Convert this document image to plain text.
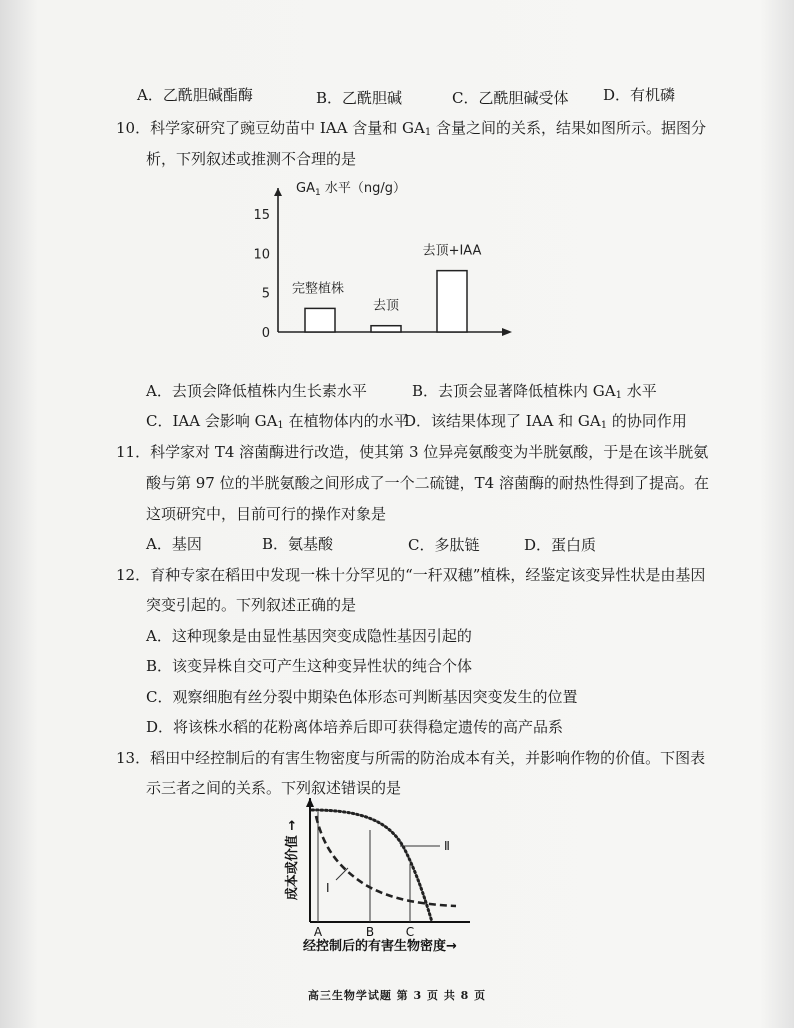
A．乙酰胆碱酯酶	B．乙酰胆碱	C．乙酰胆碱受体 D．有机磷
10．科学家研究了豌豆幼苗中 IAA 含量和 $GA_1$ 含量之间的关系，结果如图所示。据图分
析，下列叙述或推测不合理的是
$GA_1$ 水平（ng/g）
15
10
5
0
完整植株
去顶
去顶+IAA
A．去顶会降低植株内生长素水平	B．去顶会显著降低植株内 $GA_1$ 水平
C．IAA 会影响 $GA_1$ 在植物体内的水平
D．该结果体现了 IAA 和 $GA_1$ 的协同作用
11．科学家对 T4 溶菌酶进行改造，使其第 3 位异亮氨酸变为半胱氨酸，于是在该半胱氨
酸与第 97 位的半胱氨酸之间形成了一个二硫键，T4 溶菌酶的耐热性得到了提高。在
这项研究中，目前可行的操作对象是
A．基因	B．氨基酸	C．多肽链	D．蛋白质
12．育种专家在稻田中发现一株十分罕见的“一秆双穗”植株，经鉴定该变异性状是由基因
突变引起的。下列叙述正确的是
A．这种现象是由显性基因突变成隐性基因引起的
B．该变异株自交可产生这种变异性状的纯合个体
C．观察细胞有丝分裂中期染色体形态可判断基因突变发生的位置
D．将该株水稻的花粉离体培养后即可获得稳定遗传的高产品系
13．稻田中经控制后的有害生物密度与所需的防治成本有关，并影响作物的价值。下图表
示三者之间的关系。下列叙述错误的是
成本或价值 →
A	B	C
Ⅱ
Ⅰ
经控制后的有害生物密度→
高三生物学试题 第 3 页 共 8 页
